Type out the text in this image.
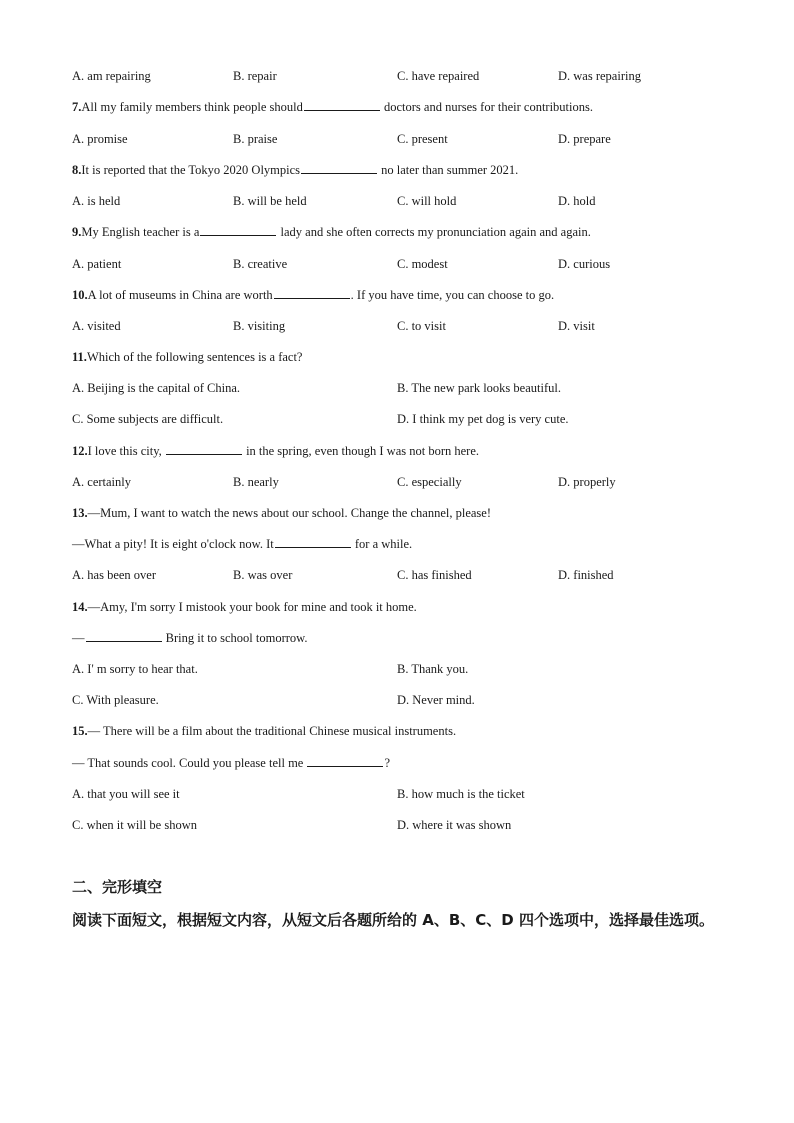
A. am repairing	B. repair	C. have repaired	D. was repairing
7.All my family members think people should	doctors and nurses for their contributions.
A. promise	B. praise	C. present	D. prepare
8.It is reported that the Tokyo 2020 Olympics	no later than summer 2021.
A. is held	B. will be held	C. will hold	D. hold
9.My English teacher is a	lady and she often corrects my pronunciation again and again.
A. patient	B. creative	C. modest	D. curious
10.A lot of museums in China are worth	. If you have time, you can choose to go.
A. visited	B. visiting	C. to visit	D. visit
11.Which of the following sentences is a fact?
A. Beijing is the capital of China.	B. The new park looks beautiful.
C. Some subjects are difficult.	D. I think my pet dog is very cute.
12.I love this city,	in the spring, even though I was not born here.
A. certainly	B. nearly	C. especially	D. properly
13.—Mum, I want to watch the news about our school. Change the channel, please!
—What a pity! It is eight o'clock now. It	for a while.
A. has been over	B. was over	C. has finished	D. finished
14.—Amy, I'm sorry I mistook your book for mine and took it home.
—	Bring it to school tomorrow.
A. I' m sorry to hear that.	B. Thank you.
C. With pleasure.	D. Never mind.
15.— There will be a film about the traditional Chinese musical instruments.
— That sounds cool. Could you please tell me	?
A. that you will see it	B. how much is the ticket
C. when it will be shown	D. where it was shown
二、完形填空
阅读下面短文，根据短文内容，从短文后各题所给的 A、B、C、D 四个选项中，选择最佳选项。
